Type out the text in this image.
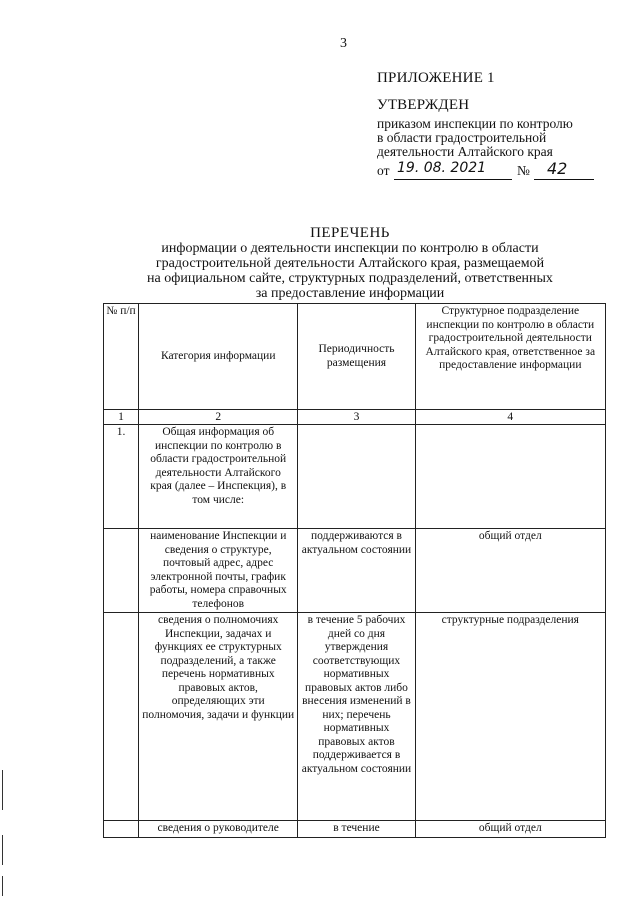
3
ПРИЛОЖЕНИЕ 1
УТВЕРЖДЕН
приказом инспекции по контролю
в области градостроительной
деятельности Алтайского края
от 19. 08. 2021 № 42
ПЕРЕЧЕНЬ
информации о деятельности инспекции по контролю в области
градостроительной деятельности Алтайского края, размещаемой
на официальном сайте, структурных подразделений, ответственных
за предоставление информации
№ п/п	Категория информации	Периодичность размещения	Структурное подразделение инспекции по контролю в области градостроительной деятельности Алтайского края, ответственное за предоставление информации
1	2	3	4
1.	Общая информация об инспекции по контролю в области градостроительной деятельности Алтайского края (далее – Инспекция), в том числе:		
	наименование Инспекции и сведения о структуре, почтовый адрес, адрес электронной почты, график работы, номера справочных телефонов	поддерживаются в актуальном состоянии	общий отдел
	сведения о полномочиях Инспекции, задачах и функциях ее структурных подразделений, а также перечень нормативных правовых актов, определяющих эти полномочия, задачи и функции	в течение 5 рабочих дней со дня утверждения соответствующих нормативных правовых актов либо внесения изменений в них; перечень нормативных правовых актов поддерживается в актуальном состоянии	структурные подразделения
	сведения о руководителе	в течение	общий отдел
